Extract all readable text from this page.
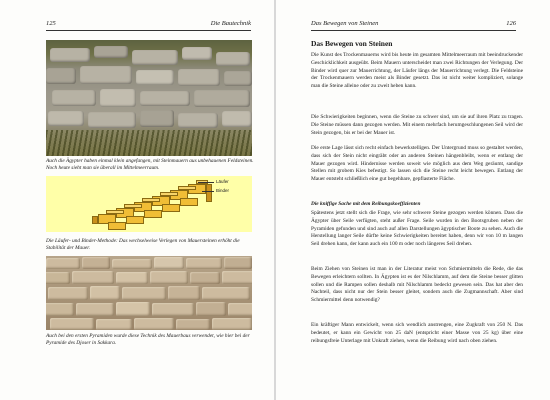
125	Die Bautechnik
Auch die Ägypter haben einmal klein angefangen, mit Steinmauern aus unbehauenen Feldsteinen. Noch heute sieht man sie überall im Mittelmeerraum.
Läufer
Binder
Die Läufer- und Binder-Methode: Das wechselweise Verlegen von Mauersteinen erhöht die Stabilität der Mauer.
Auch bei den ersten Pyramiden wurde diese Technik des Mauerbaus verwendet, wie hier bei der Pyramide des Djoser in Sakkara.
Das Bewegen von Steinen	126
Das Bewegen von Steinen
Die Kunst des Trockenmauerns wird bis heute im gesamten Mittelmeerraum mit beeindruckender Geschicklichkeit ausgeübt. Beim Mauern unterscheidet man zwei Richtungen der Verlegung. Der Binder wird quer zur Mauerrichtung, der Läufer längs der Mauerrichtung verlegt. Die Feldsteine der Trockenmauern werden meist als Binder gesetzt. Das ist nicht weiter kompliziert, solange man die Steine alleine oder zu zweit heben kann.
Die Schwierigkeiten beginnen, wenn die Steine zu schwer sind, um sie auf ihren Platz zu tragen. Die Steine müssen dann gezogen werden. Mit einem mehrfach herumgeschlungenen Seil wird der Stein gezogen, bis er bei der Mauer ist.
Die erste Lage lässt sich recht einfach bewerkstelligen. Der Untergrund muss so gestaltet werden, dass sich der Stein nicht eingräbt oder an anderen Steinen hängenbleibt, wenn er entlang der Mauer gezogen wird. Hindernisse werden soweit wie möglich aus dem Weg geräumt, sandige Stellen mit grobem Kies befestigt. So lassen sich die Steine recht leicht bewegen. Entlang der Mauer entsteht schließlich eine gut begehbare, gepflasterte Fläche.
Die kniffige Sache mit dem Reibungskoeffizienten
Spätestens jetzt stellt sich die Frage, wie sehr schwere Steine gezogen werden können. Dass die Ägypter über Seile verfügten, steht außer Frage. Seile wurden in den Bootsgruben neben der Pyramiden gefunden und sind auch auf allen Darstellungen ägyptischer Boote zu sehen. Auch die Herstellung langer Seile dürfte keine Schwierigkeiten bereitet haben, denn wir von 10 m langen Seil drehen kann, der kann auch ein 100 m oder noch längeres Seil drehen.
Beim Ziehen von Steinen ist man in der Literatur meist von Schmiermitteln die Rede, die das Bewegen erleichtern sollten. In Ägypten ist es der Nilschlamm, auf dem die Steine besser glitten sollen und die Rampen sollen deshalb mit Nilschlamm bedeckt gewesen sein. Das hat aber den Nachteil, dass nicht nur der Stein besser gleitet, sondern auch die Zugmannschaft. Aber sind Schmiermittel denn notwendig?
Ein kräftiger Mann entwickelt, wenn sich wendlich anstrengen, eine Zugkraft von 250 N. Das bedeutet, er kann ein Gewicht von 25 daN (entspricht einer Masse von 25 kg) über eine reibungsfreie Unterlage mit Unkraft ziehen, wenn die Reibung wird nach oben ziehen.
